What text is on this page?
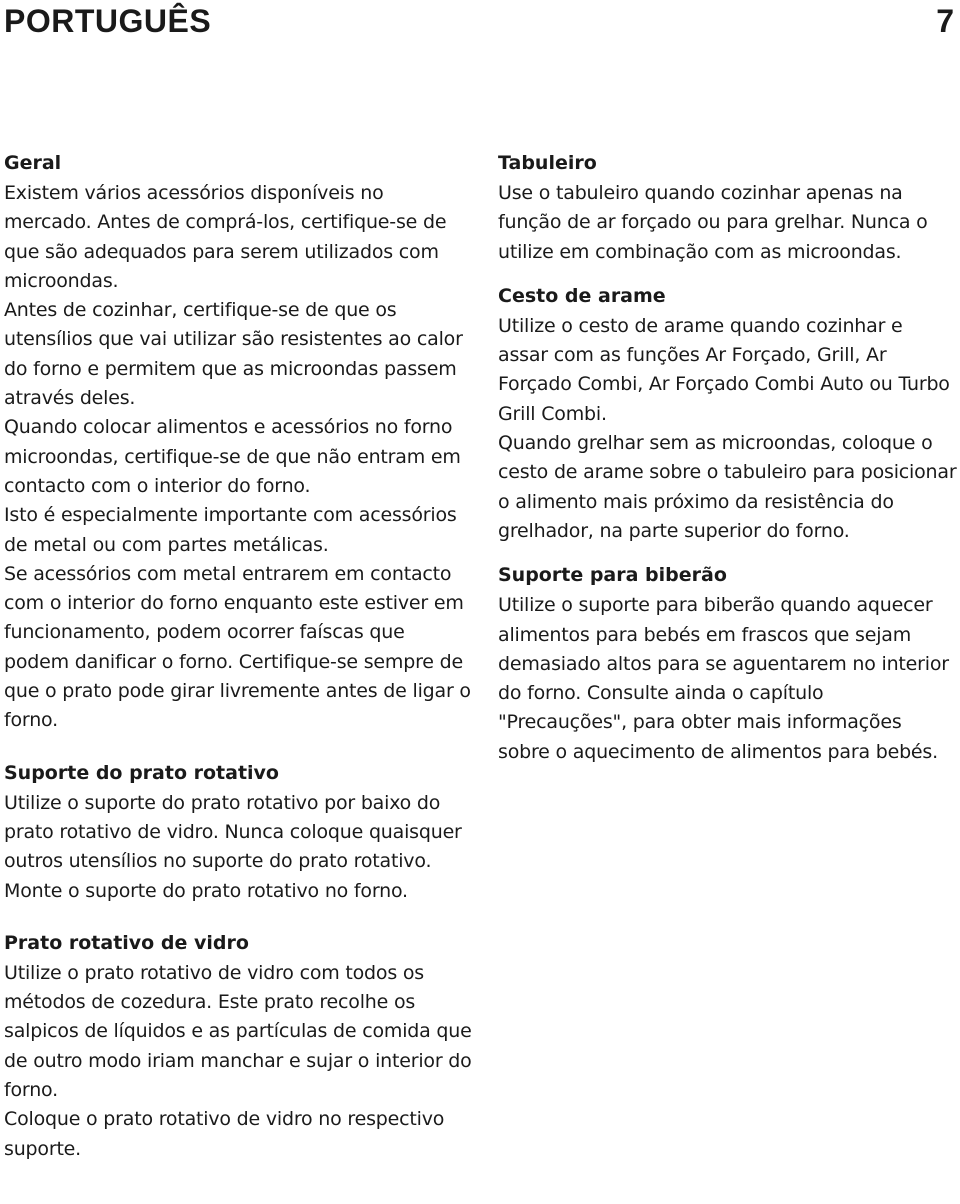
PORTUGUÊS	7
Geral

Existem vários acessórios disponíveis no mercado. Antes de comprá-los, certifique-se de que são adequados para serem utilizados com microondas.

Antes de cozinhar, certifique-se de que os utensílios que vai utilizar são resistentes ao calor do forno e permitem que as microondas passem através deles.

Quando colocar alimentos e acessórios no forno microondas, certifique-se de que não entram em contacto com o interior do forno.

Isto é especialmente importante com acessórios de metal ou com partes metálicas.

Se acessórios com metal entrarem em contacto com o interior do forno enquanto este estiver em funcionamento, podem ocorrer faíscas que podem danificar o forno. Certifique-se sempre de que o prato pode girar livremente antes de ligar o forno.

Suporte do prato rotativo

Utilize o suporte do prato rotativo por baixo do prato rotativo de vidro. Nunca coloque quaisquer outros utensílios no suporte do prato rotativo.

Monte o suporte do prato rotativo no forno.

Prato rotativo de vidro

Utilize o prato rotativo de vidro com todos os métodos de cozedura. Este prato recolhe os salpicos de líquidos e as partículas de comida que de outro modo iriam manchar e sujar o interior do forno.

Coloque o prato rotativo de vidro no respectivo suporte.

Tabuleiro

Use o tabuleiro quando cozinhar apenas na função de ar forçado ou para grelhar. Nunca o utilize em combinação com as microondas.

Cesto de arame

Utilize o cesto de arame quando cozinhar e assar com as funções Ar Forçado, Grill, Ar Forçado Combi, Ar Forçado Combi Auto ou Turbo Grill Combi.

Quando grelhar sem as microondas, coloque o cesto de arame sobre o tabuleiro para posicionar o alimento mais próximo da resistência do grelhador, na parte superior do forno.

Suporte para biberão

Utilize o suporte para biberão quando aquecer alimentos para bebés em frascos que sejam demasiado altos para se aguentarem no interior do forno. Consulte ainda o capítulo "Precauções", para obter mais informações sobre o aquecimento de alimentos para bebés.
